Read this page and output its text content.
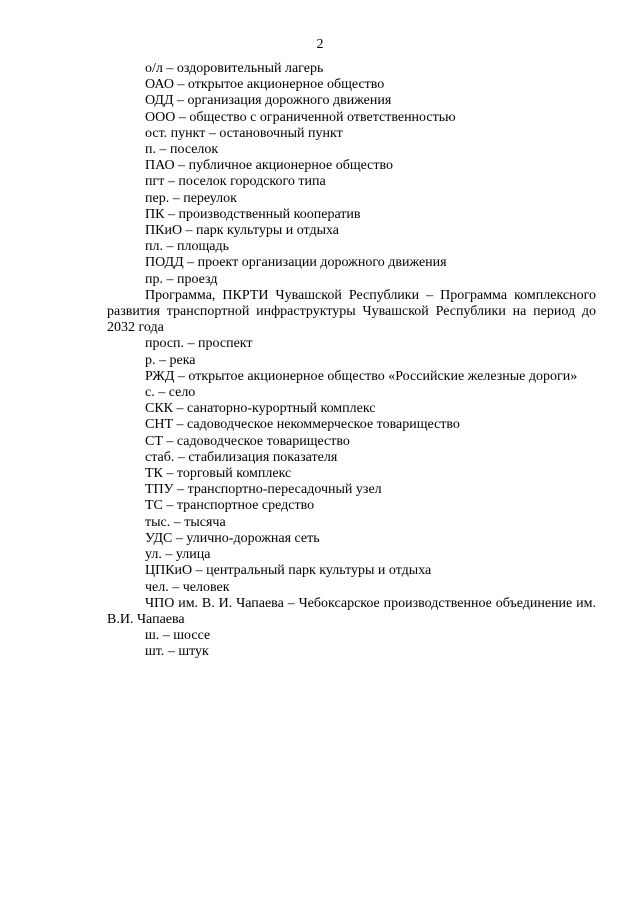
2

о/л – оздоровительный лагерь

ОАО – открытое акционерное общество

ОДД – организация дорожного движения

ООО – общество с ограниченной ответственностью

ост. пункт – остановочный пункт

п. – поселок

ПАО – публичное акционерное общество

пгт – поселок городского типа

пер. – переулок

ПК – производственный кооператив

ПКиО – парк культуры и отдыха

пл. – площадь

ПОДД – проект организации дорожного движения

пр. – проезд

Программа, ПКРТИ Чувашской Республики – Программа комплексного развития транспортной инфраструктуры Чувашской Республики на период до 2032 года

просп. – проспект

р. – река

РЖД – открытое акционерное общество «Российские железные дороги»

с. – село

СКК – санаторно-курортный комплекс

СНТ – садоводческое некоммерческое товарищество

СТ – садоводческое товарищество

стаб. – стабилизация показателя

ТК – торговый комплекс

ТПУ – транспортно-пересадочный узел

ТС – транспортное средство

тыс. – тысяча

УДС – улично-дорожная сеть

ул. – улица

ЦПКиО – центральный парк культуры и отдыха

чел. – человек

ЧПО им. В. И. Чапаева – Чебоксарское производственное объединение им. В.И. Чапаева

ш. – шоссе

шт. – штук
